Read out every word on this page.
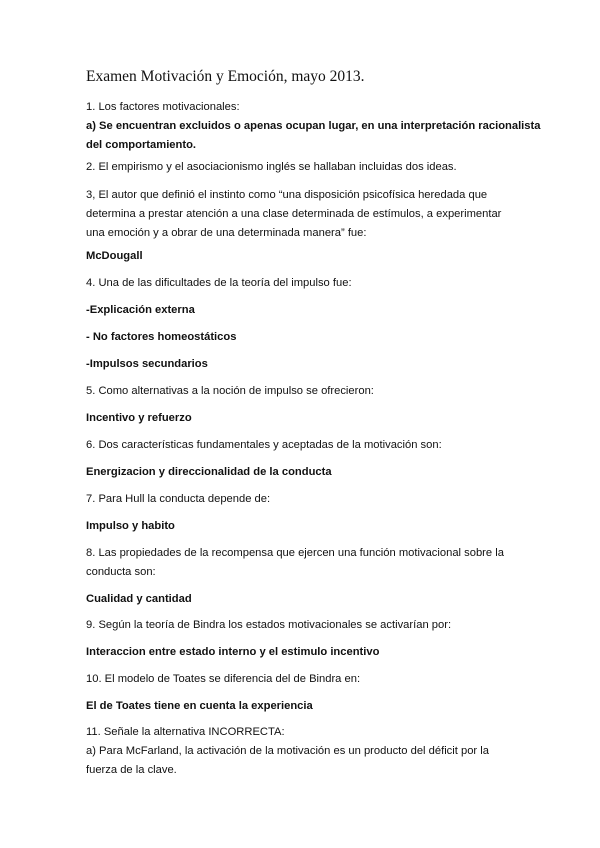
Examen Motivación y Emoción, mayo 2013.
1. Los factores motivacionales:
a) Se encuentran excluidos o apenas ocupan lugar, en una interpretación racionalista
del comportamiento.
2. El empirismo y el asociacionismo inglés se hallaban incluidas dos ideas.
3, El autor que definió el instinto como “una disposición psicofísica heredada que
determina a prestar atención a una clase determinada de estímulos, a experimentar
una emoción y a obrar de una determinada manera” fue:
McDougall
4. Una de las dificultades de la teoría del impulso fue:
-Explicación externa
- No factores homeostáticos
-Impulsos secundarios
5. Como alternativas a la noción de impulso se ofrecieron:
Incentivo y refuerzo
6. Dos características fundamentales y aceptadas de la motivación son:
Energizacion y direccionalidad de la conducta
7. Para Hull la conducta depende de:
Impulso y habito
8. Las propiedades de la recompensa que ejercen una función motivacional sobre la
conducta son:
Cualidad y cantidad
9. Según la teoría de Bindra los estados motivacionales se activarían por:
Interaccion entre estado interno y el estimulo incentivo
10. El modelo de Toates se diferencia del de Bindra en:
El de Toates tiene en cuenta la experiencia
11. Señale la alternativa INCORRECTA:
a) Para McFarland, la activación de la motivación es un producto del déficit por la
fuerza de la clave.
